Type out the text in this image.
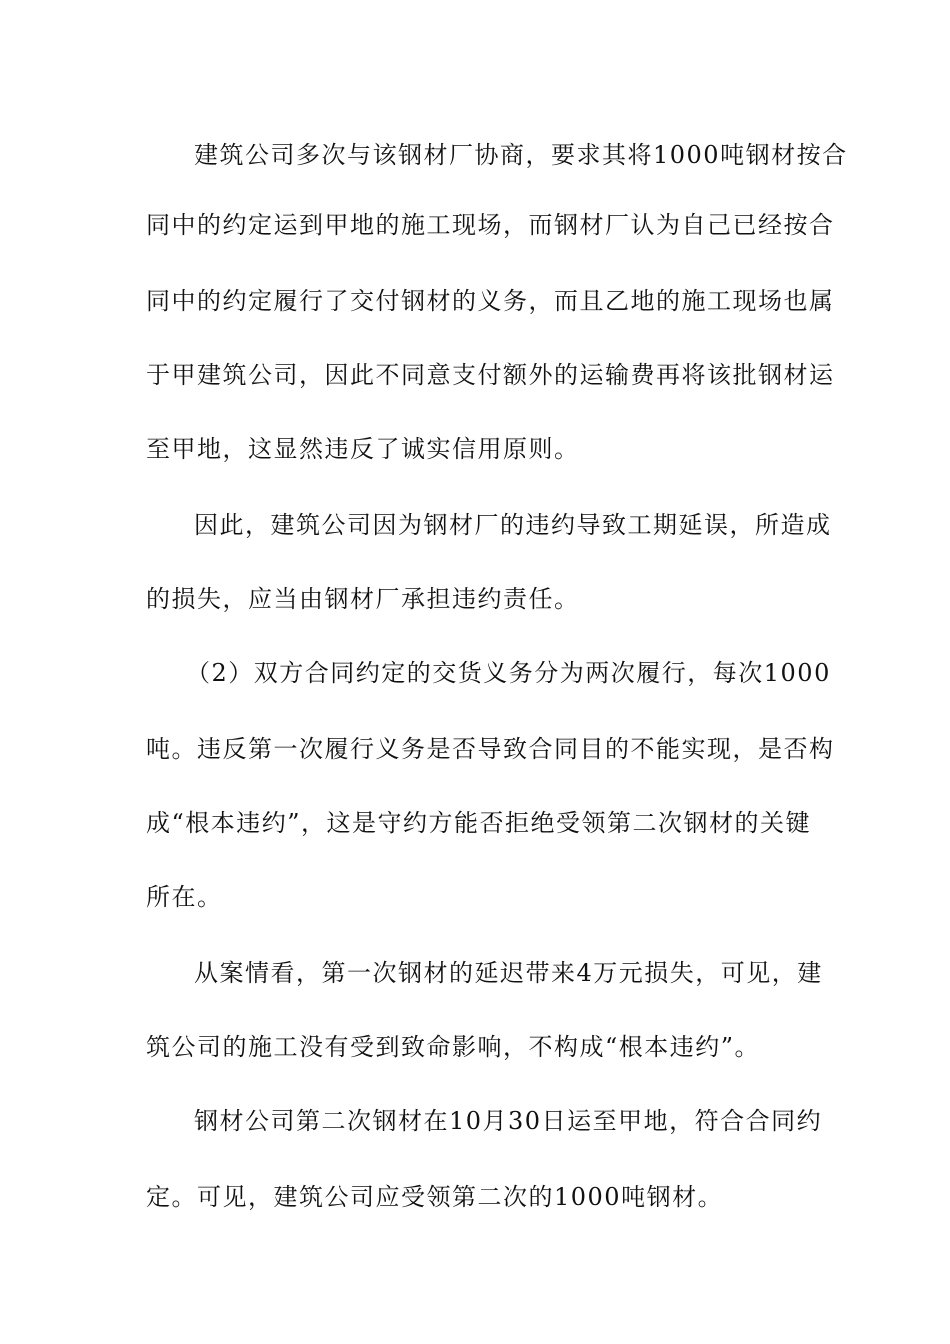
建筑公司多次与该钢材厂协商，要求其将1000吨钢材按合

同中的约定运到甲地的施工现场，而钢材厂认为自己已经按合

同中的约定履行了交付钢材的义务，而且乙地的施工现场也属

于甲建筑公司，因此不同意支付额外的运输费再将该批钢材运

至甲地，这显然违反了诚实信用原则。

因此，建筑公司因为钢材厂的违约导致工期延误，所造成

的损失，应当由钢材厂承担违约责任。

（2）双方合同约定的交货义务分为两次履行，每次1000

吨。违反第一次履行义务是否导致合同目的不能实现，是否构

成“根本违约”，这是守约方能否拒绝受领第二次钢材的关键

所在。

从案情看，第一次钢材的延迟带来4万元损失，可见，建

筑公司的施工没有受到致命影响，不构成“根本违约”。

钢材公司第二次钢材在10月30日运至甲地，符合合同约

定。可见，建筑公司应受领第二次的1000吨钢材。
